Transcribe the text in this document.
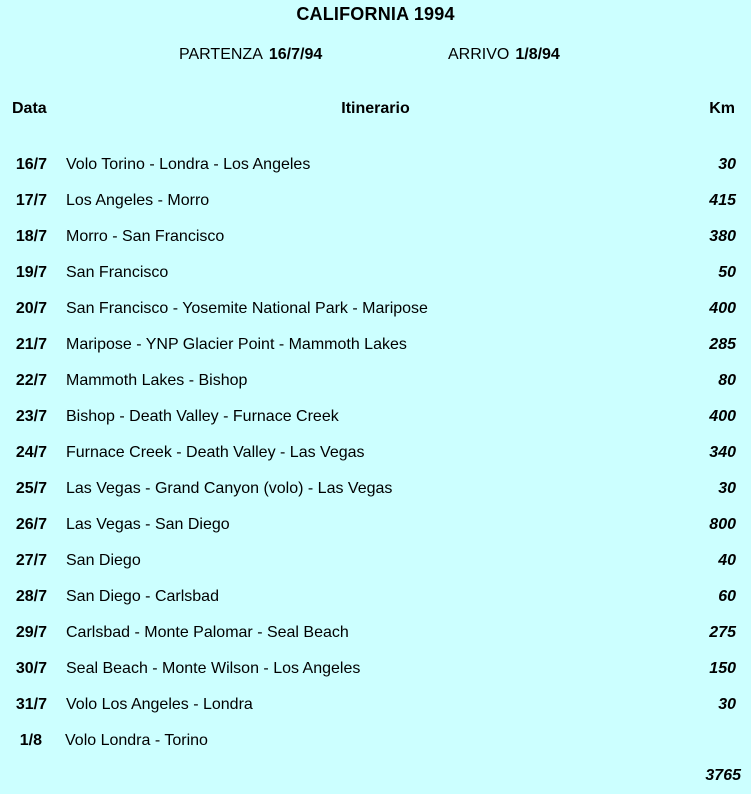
CALIFORNIA 1994
PARTENZA 16/7/94	ARRIVO 1/8/94
Data	Itinerario	Km
16/7 Volo Torino - Londra - Los Angeles	30
17/7 Los Angeles - Morro	415
18/7 Morro - San Francisco	380
19/7 San Francisco	50
20/7 San Francisco - Yosemite National Park - Maripose	400
21/7 Maripose - YNP Glacier Point - Mammoth Lakes	285
22/7 Mammoth Lakes - Bishop	80
23/7 Bishop - Death Valley - Furnace Creek	400
24/7 Furnace Creek - Death Valley - Las Vegas	340
25/7 Las Vegas - Grand Canyon (volo) - Las Vegas	30
26/7 Las Vegas - San Diego	800
27/7 San Diego	40
28/7 San Diego - Carlsbad	60
29/7 Carlsbad - Monte Palomar - Seal Beach	275
30/7 Seal Beach - Monte Wilson - Los Angeles	150
31/7 Volo Los Angeles - Londra	30
1/8 Volo Londra - Torino
3765
